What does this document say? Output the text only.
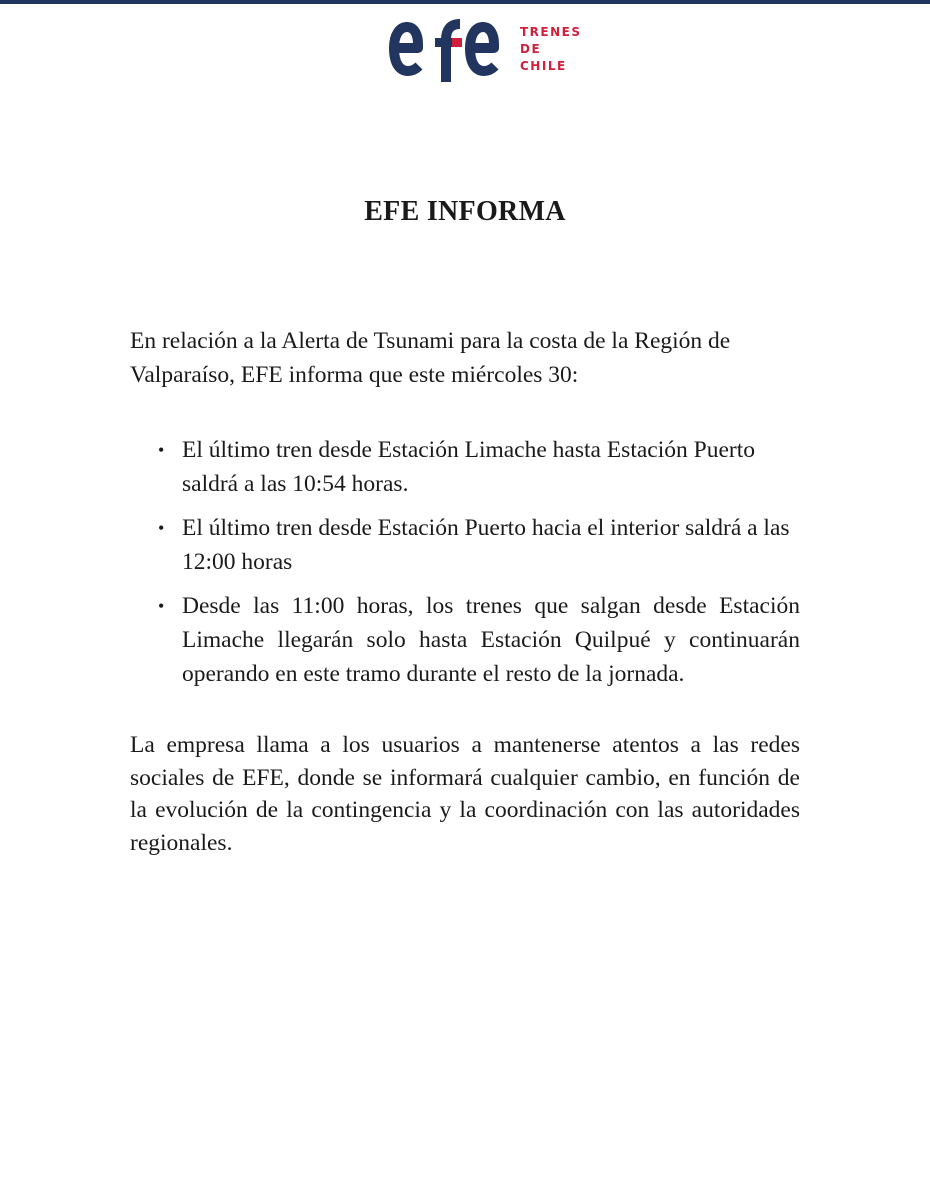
TRENES
DE
CHILE
EFE INFORMA

En relación a la Alerta de Tsunami para la costa de la Región de Valparaíso, EFE informa que este miércoles 30:

• El último tren desde Estación Limache hasta Estación Puerto saldrá a las 10:54 horas.
• El último tren desde Estación Puerto hacia el interior saldrá a las 12:00 horas
• Desde las 11:00 horas, los trenes que salgan desde Estación Limache llegarán solo hasta Estación Quilpué y continuarán operando en este tramo durante el resto de la jornada.

La empresa llama a los usuarios a mantenerse atentos a las redes sociales de EFE, donde se informará cualquier cambio, en función de la evolución de la contingencia y la coordinación con las autoridades regionales.
